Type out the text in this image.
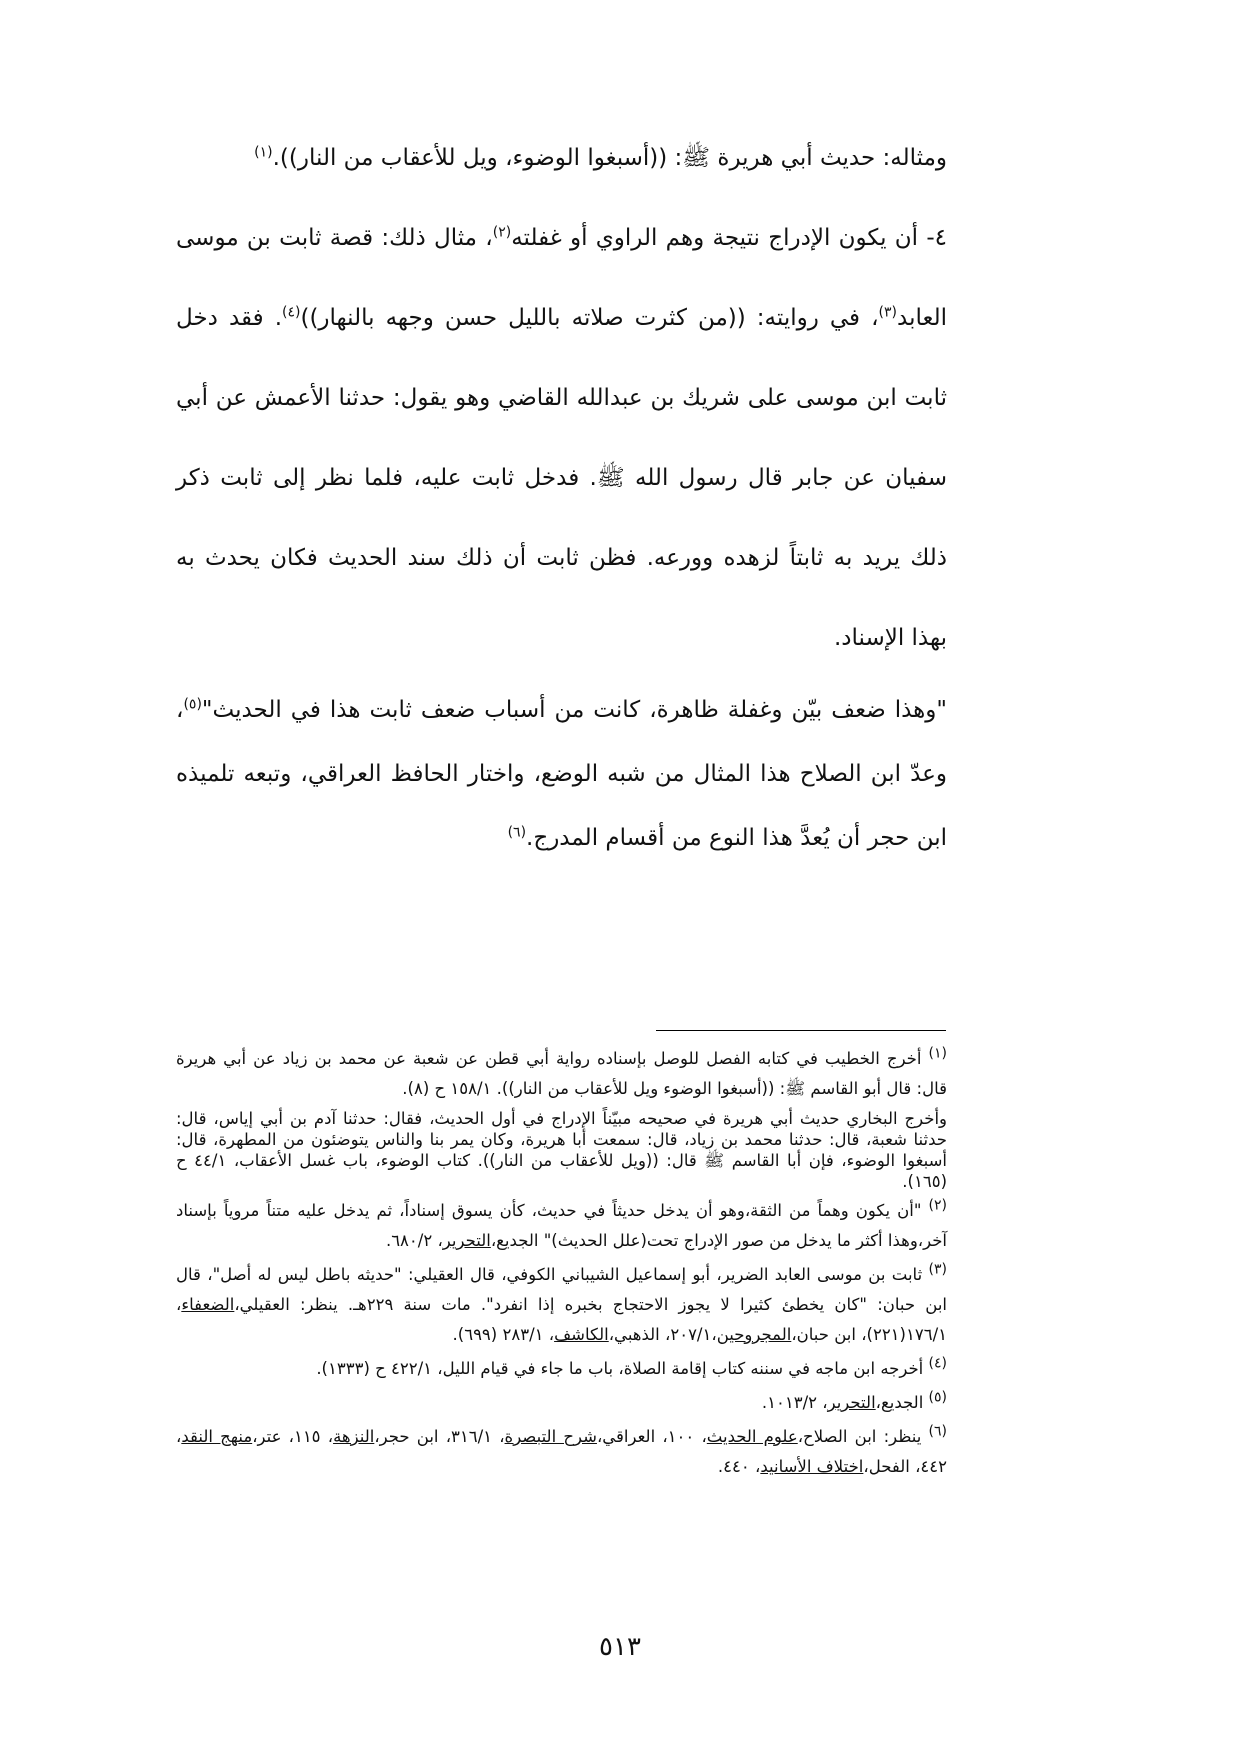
ومثاله: حديث أبي هريرة ﷺ: ((أسبغوا الوضوء، ويل للأعقاب من النار)).$^{(١)}$

٤- أن يكون الإدراج نتيجة وهم الراوي أو غفلته$^{(٢)}$، مثال ذلك: قصة ثابت بن موسى العابد$^{(٣)}$، في روايته: ((من كثرت صلاته بالليل حسن وجهه بالنهار))$^{(٤)}$. فقد دخل ثابت ابن موسى على شريك بن عبدالله القاضي وهو يقول: حدثنا الأعمش عن أبي سفيان عن جابر قال رسول الله ﷺ. فدخل ثابت عليه، فلما نظر إلى ثابت ذكر ذلك يريد به ثابتاً لزهده وورعه. فظن ثابت أن ذلك سند الحديث فكان يحدث به بهذا الإسناد.

"وهذا ضعف بيّن وغفلة ظاهرة، كانت من أسباب ضعف ثابت هذا في الحديث"$^{(٥)}$، وعدّ ابن الصلاح هذا المثال من شبه الوضع، واختار الحافظ العراقي، وتبعه تلميذه ابن حجر أن يُعدَّ هذا النوع من أقسام المدرج.$^{(٦)}$

$^{(١)}$ أخرج الخطيب في كتابه الفصل للوصل بإسناده رواية أبي قطن عن شعبة عن محمد بن زياد عن أبي هريرة قال: قال أبو القاسم ﷺ: ((أسبغوا الوضوء ويل للأعقاب من النار)). ١٥٨/١ ح (٨).

وأخرج البخاري حديث أبي هريرة في صحيحه مبيّناً الإدراج في أول الحديث، فقال: حدثنا آدم بن أبي إياس، قال: حدثنا شعبة، قال: حدثنا محمد بن زياد، قال: سمعت أبا هريرة، وكان يمر بنا والناس يتوضئون من المطهرة، قال: أسبغوا الوضوء، فإن أبا القاسم ﷺ قال: ((ويل للأعقاب من النار)). كتاب الوضوء، باب غسل الأعقاب، ٤٤/١ ح (١٦٥).

$^{(٢)}$ "أن يكون وهماً من الثقة،وهو أن يدخل حديثاً في حديث، كأن يسوق إسناداً، ثم يدخل عليه متناً مروياً بإسناد آخر،وهذا أكثر ما يدخل من صور الإدراج تحت(علل الحديث)" الجديع،التحرير، ٦٨٠/٢.

$^{(٣)}$ ثابت بن موسى العابد الضرير، أبو إسماعيل الشيباني الكوفي، قال العقيلي: "حديثه باطل ليس له أصل"، قال ابن حبان: "كان يخطئ كثيرا لا يجوز الاحتجاج بخبره إذا انفرد". مات سنة ٢٢٩هـ. ينظر: العقيلي،الضعفاء، ١٧٦/١(٢٢١)، ابن حبان،المجروحين،٢٠٧/١، الذهبي،الكاشف، ٢٨٣/١ (٦٩٩).

$^{(٤)}$ أخرجه ابن ماجه في سننه كتاب إقامة الصلاة، باب ما جاء في قيام الليل، ٤٢٢/١ ح (١٣٣٣).

$^{(٥)}$ الجديع،التحرير، ١٠١٣/٢.

$^{(٦)}$ ينظر: ابن الصلاح،علوم الحديث، ١٠٠، العراقي،شرح التبصرة، ٣١٦/١، ابن حجر،النزهة، ١١٥، عتر،منهج النقد، ٤٤٢، الفحل،اختلاف الأسانيد، ٤٤٠.

٥١٣
